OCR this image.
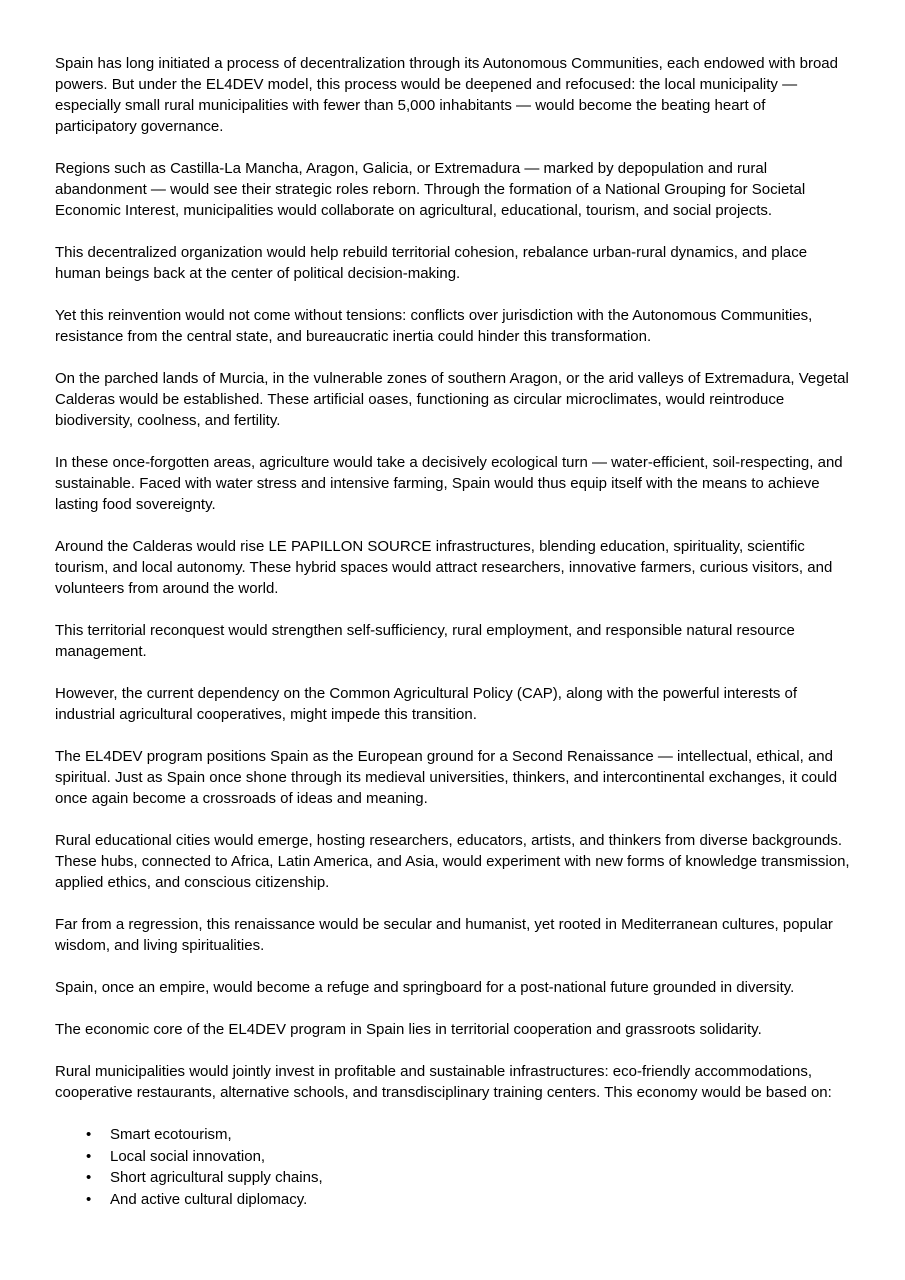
Spain has long initiated a process of decentralization through its Autonomous Communities, each endowed with broad powers. But under the EL4DEV model, this process would be deepened and refocused: the local municipality — especially small rural municipalities with fewer than 5,000 inhabitants — would become the beating heart of participatory governance.

Regions such as Castilla-La Mancha, Aragon, Galicia, or Extremadura — marked by depopulation and rural abandonment — would see their strategic roles reborn. Through the formation of a National Grouping for Societal Economic Interest, municipalities would collaborate on agricultural, educational, tourism, and social projects.

This decentralized organization would help rebuild territorial cohesion, rebalance urban-rural dynamics, and place human beings back at the center of political decision-making.

Yet this reinvention would not come without tensions: conflicts over jurisdiction with the Autonomous Communities, resistance from the central state, and bureaucratic inertia could hinder this transformation.

On the parched lands of Murcia, in the vulnerable zones of southern Aragon, or the arid valleys of Extremadura, Vegetal Calderas would be established. These artificial oases, functioning as circular microclimates, would reintroduce biodiversity, coolness, and fertility.

In these once-forgotten areas, agriculture would take a decisively ecological turn — water-efficient, soil-respecting, and sustainable. Faced with water stress and intensive farming, Spain would thus equip itself with the means to achieve lasting food sovereignty.

Around the Calderas would rise LE PAPILLON SOURCE infrastructures, blending education, spirituality, scientific tourism, and local autonomy. These hybrid spaces would attract researchers, innovative farmers, curious visitors, and volunteers from around the world.

This territorial reconquest would strengthen self-sufficiency, rural employment, and responsible natural resource management.

However, the current dependency on the Common Agricultural Policy (CAP), along with the powerful interests of industrial agricultural cooperatives, might impede this transition.

The EL4DEV program positions Spain as the European ground for a Second Renaissance — intellectual, ethical, and spiritual. Just as Spain once shone through its medieval universities, thinkers, and intercontinental exchanges, it could once again become a crossroads of ideas and meaning.

Rural educational cities would emerge, hosting researchers, educators, artists, and thinkers from diverse backgrounds. These hubs, connected to Africa, Latin America, and Asia, would experiment with new forms of knowledge transmission, applied ethics, and conscious citizenship.

Far from a regression, this renaissance would be secular and humanist, yet rooted in Mediterranean cultures, popular wisdom, and living spiritualities.

Spain, once an empire, would become a refuge and springboard for a post-national future grounded in diversity.

The economic core of the EL4DEV program in Spain lies in territorial cooperation and grassroots solidarity.

Rural municipalities would jointly invest in profitable and sustainable infrastructures: eco-friendly accommodations, cooperative restaurants, alternative schools, and transdisciplinary training centers. This economy would be based on:

• Smart ecotourism,
• Local social innovation,
• Short agricultural supply chains,
• And active cultural diplomacy.
